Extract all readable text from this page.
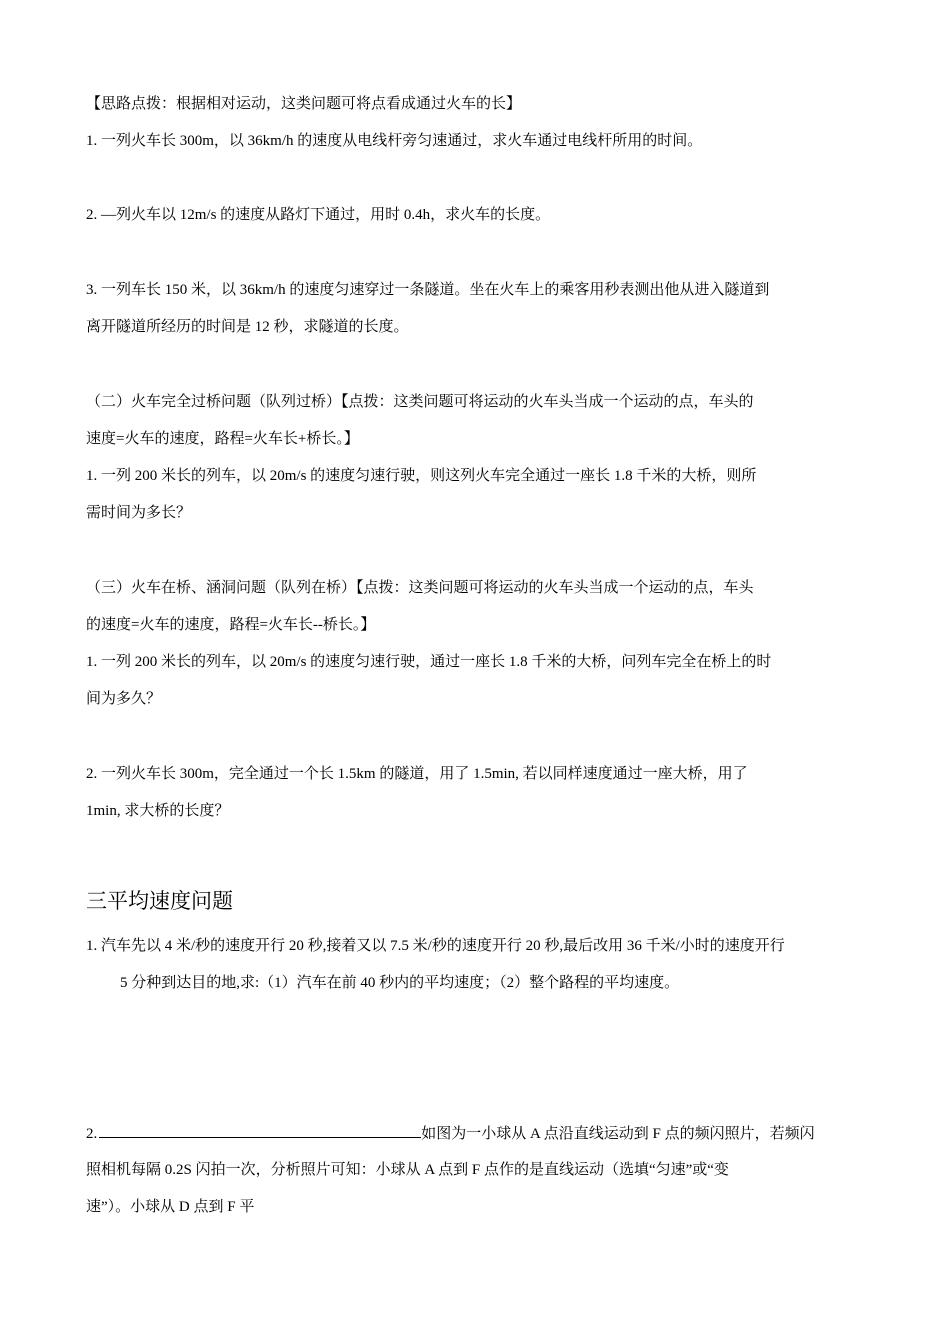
【思路点拨：根据相对运动，这类问题可将点看成通过火车的长】
1. 一列火车长 300m，以 36km/h 的速度从电线杆旁匀速通过，求火车通过电线杆所用的时间。
2. —列火车以 12m/s 的速度从路灯下通过，用时 0.4h，求火车的长度。
3. 一列车长 150 米，以 36km/h 的速度匀速穿过一条隧道。坐在火车上的乘客用秒表测出他从进入隧道到
离开隧道所经历的时间是 12 秒，求隧道的长度。
（二）火车完全过桥问题（队列过桥）【点拨：这类问题可将运动的火车头当成一个运动的点，车头的
速度=火车的速度，路程=火车长+桥长。】
1. 一列 200 米长的列车，以 20m/s 的速度匀速行驶，则这列火车完全通过一座长 1.8 千米的大桥，则所
需时间为多长？
（三）火车在桥、涵洞问题（队列在桥）【点拨：这类问题可将运动的火车头当成一个运动的点，车头
的速度=火车的速度，路程=火车长--桥长。】
1. 一列 200 米长的列车，以 20m/s 的速度匀速行驶，通过一座长 1.8 千米的大桥，问列车完全在桥上的时
间为多久？
2. 一列火车长 300m，完全通过一个长 1.5km 的隧道，用了 1.5min, 若以同样速度通过一座大桥，用了
1min, 求大桥的长度？
三平均速度问题
1. 汽车先以 4 米/秒的速度开行 20 秒,接着又以 7.5 米/秒的速度开行 20 秒,最后改用 36 千米/小时的速度开行
5 分种到达目的地,求:（1）汽车在前 40 秒内的平均速度；（2）整个路程的平均速度。
2.	如图为一小球从 A 点沿直线运动到 F 点的频闪照片，若频闪
照相机每隔 0.2S 闪拍一次，分析照片可知：小球从 A 点到 F 点作的是直线运动（选填“匀速”或“变
速”）。小球从 D 点到 F 平
